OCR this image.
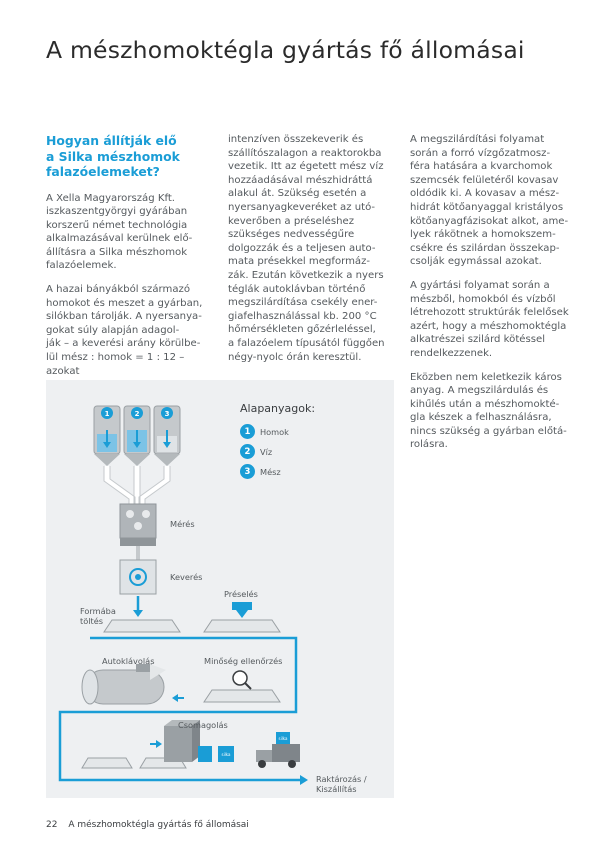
A mészhomoktégla gyártás fő állomásai
Hogyan állítják elő
a Silka mészhomok
falazóelemeket?

A Xella Magyarország Kft.
iszkaszentgyörgyi gyárában
korszerű német technológia
alkalmazásával kerülnek elő-
állításra a Silka mészhomok
falazóelemek.

A hazai bányákból származó
homokot és meszet a gyárban,
silókban tárolják. A nyersanya-
gokat súly alapján adagol-
ják – a keverési arány körülbe-
lül mész : homok = 1 : 12 – azokat

intenzíven összekeverik és
szállítószalagon a reaktorokba
vezetik. Itt az égetett mész víz
hozzáadásával mészhidráttá
alakul át. Szükség esetén a
nyersanyagkeveréket az utó-
keverőben a préseléshez
szükséges nedvességűre
dolgozzák és a teljesen auto-
mata présekkel megformáz-
zák. Ezután következik a nyers
téglák autoklávban történő
megszilárdítása csekély ener-
giafelhasználással kb. 200 °C
hőmérsékleten gőzérleléssel,
a falazóelem típusától függően
négy-nyolc órán keresztül.

A megszilárdítási folyamat
során a forró vízgőzatmosz-
féra hatására a kvarchomok
szemcsék felületéről kovasav
oldódik ki. A kovasav a mész-
hidrát kötőanyaggal kristályos
kötőanyagfázisokat alkot, ame-
lyek rákötnek a homokszem-
csékre és szilárdan összekap-
csolják egymással azokat.

A gyártási folyamat során a
mészből, homokból és vízből
létrehozott struktúrák felelősek
azért, hogy a mészhomoktégla
alkatrészei szilárd kötéssel
rendelkezzenek.

Eközben nem keletkezik káros
anyag. A megszilárdulás és
kihűlés után a mészhomokté-
gla készek a felhasználásra,
nincs szükség a gyárban előtá-
rolásra.

1	2	3
silka
silka
Alapanyagok:
1	Homok
2	Víz
3	Mész
Mérés
Keverés
Formába
töltés
Préselés
Autoklávolás	Minőség ellenőrzés
Csomagolás
Raktározás /
Kiszállítás
22 A mészhomoktégla gyártás fő állomásai
